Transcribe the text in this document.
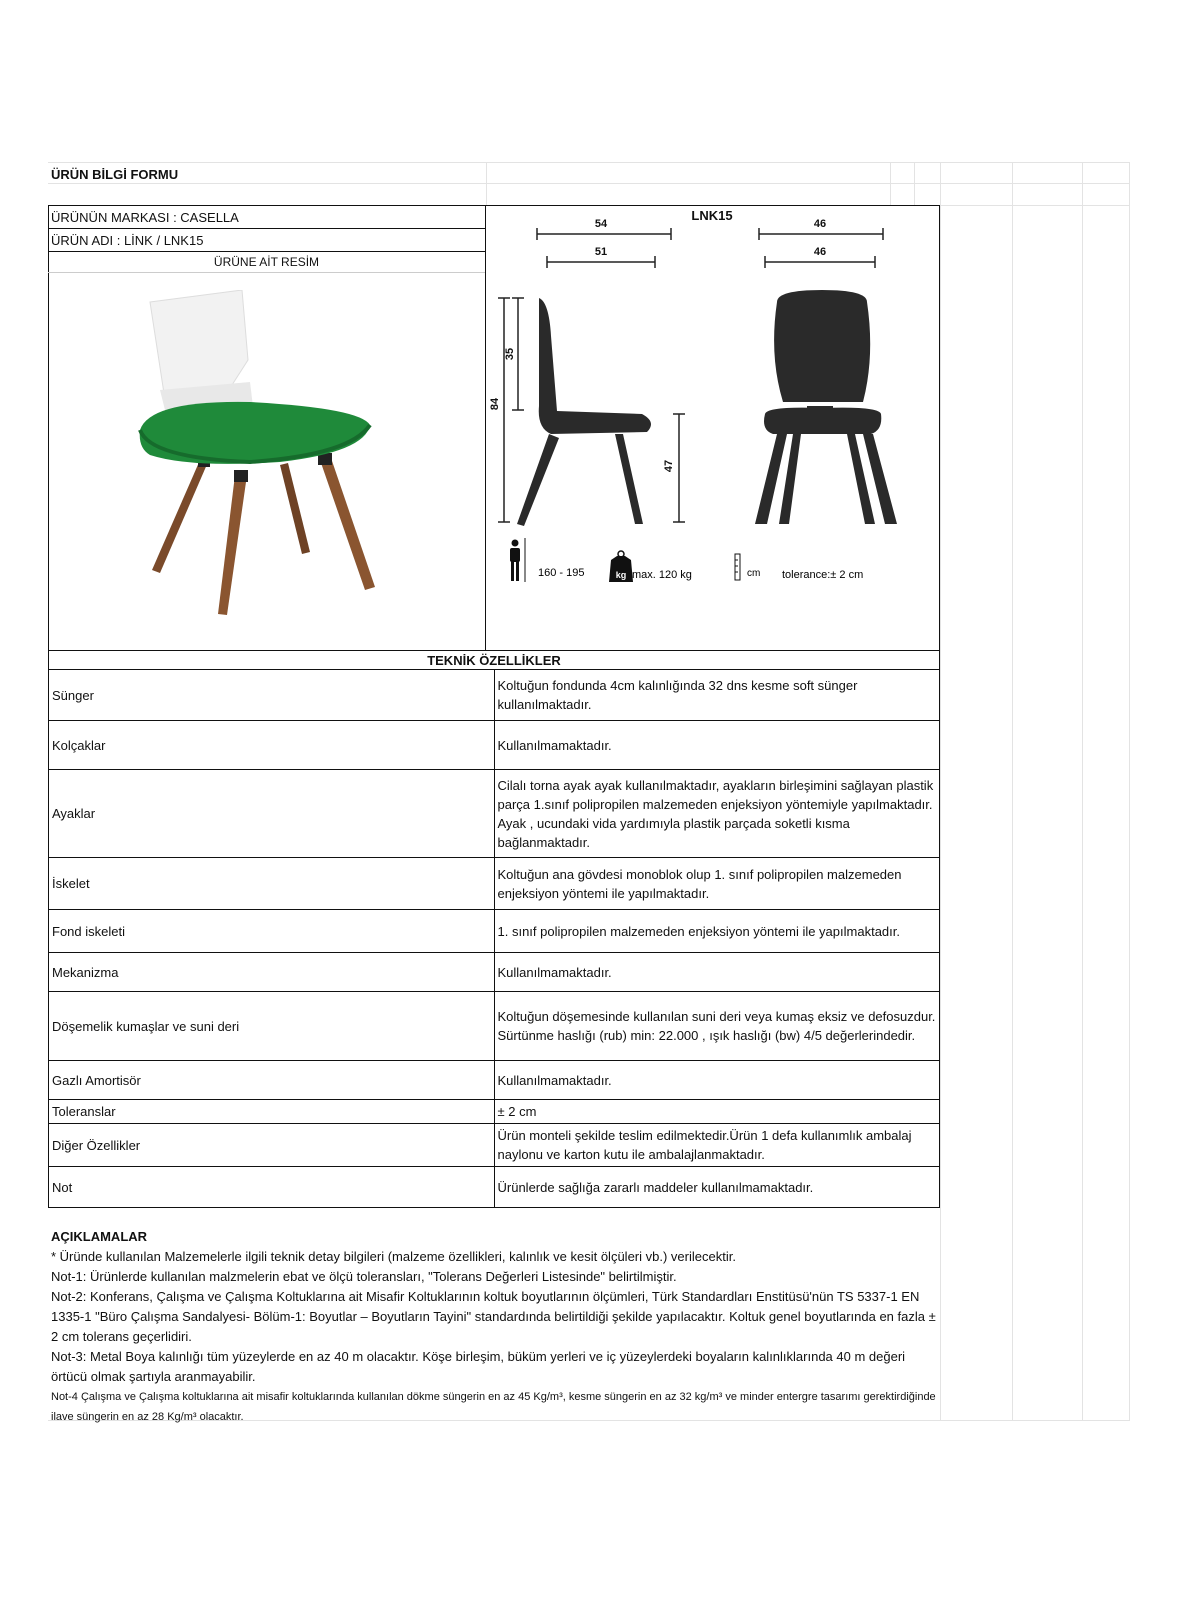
ÜRÜN BİLGİ FORMU
ÜRÜNÜN MARKASI : CASELLA
ÜRÜN ADI : LİNK / LNK15
ÜRÜNE AİT RESİM
LNK15
54
51
46
46
84
35
47
160 - 195	kg max. 120 kg	cm tolerance:± 2 cm
TEKNİK ÖZELLİKLER	
Sünger	Koltuğun fondunda 4cm kalınlığında 32 dns kesme soft sünger kullanılmaktadır.
Kolçaklar	Kullanılmamaktadır.
Ayaklar	Cilalı torna ayak ayak kullanılmaktadır, ayakların birleşimini sağlayan plastik parça 1.sınıf polipropilen malzemeden enjeksiyon yöntemiyle yapılmaktadır. Ayak , ucundaki vida yardımıyla plastik parçada soketli kısma bağlanmaktadır.
İskelet	Koltuğun ana gövdesi monoblok olup 1. sınıf polipropilen malzemeden enjeksiyon yöntemi ile yapılmaktadır.
Fond iskeleti	1. sınıf polipropilen malzemeden enjeksiyon yöntemi ile yapılmaktadır.
Mekanizma	Kullanılmamaktadır.
Döşemelik kumaşlar ve suni deri	Koltuğun döşemesinde kullanılan suni deri veya kumaş eksiz ve defosuzdur. Sürtünme haslığı (rub) min: 22.000 , ışık haslığı (bw) 4/5 değerlerindedir.
Gazlı Amortisör	Kullanılmamaktadır.
Toleranslar	± 2 cm
Diğer Özellikler	Ürün monteli şekilde teslim edilmektedir.Ürün 1 defa kullanımlık ambalaj naylonu ve karton kutu ile ambalajlanmaktadır.
Not	Ürünlerde sağlığa zararlı maddeler kullanılmamaktadır.
AÇIKLAMALAR
* Üründe kullanılan Malzemelerle ilgili teknik detay bilgileri (malzeme özellikleri, kalınlık ve kesit ölçüleri vb.) verilecektir.
Not-1: Ürünlerde kullanılan malzmelerin ebat ve ölçü toleransları, "Tolerans Değerleri Listesinde" belirtilmiştir.
Not-2: Konferans, Çalışma ve Çalışma Koltuklarına ait Misafir Koltuklarının koltuk boyutlarının ölçümleri, Türk Standardları Enstitüsü'nün TS 5337-1 EN 1335-1 "Büro Çalışma Sandalyesi- Bölüm-1: Boyutlar – Boyutların Tayini" standardında belirtildiği şekilde yapılacaktır. Koltuk genel boyutlarında en fazla ± 2 cm tolerans geçerlidiri.
Not-3: Metal Boya kalınlığı tüm yüzeylerde en az 40 m olacaktır. Köşe birleşim, büküm yerleri ve iç yüzeylerdeki boyaların kalınlıklarında 40 m değeri örtücü olmak şartıyla aranmayabilir.
Not-4 Çalışma ve Çalışma koltuklarına ait misafir koltuklarında kullanılan dökme süngerin en az 45 Kg/m³, kesme süngerin en az 32 kg/m³ ve minder entergre tasarımı gerektirdiğinde ilave süngerin en az 28 Kg/m³ olacaktır.
